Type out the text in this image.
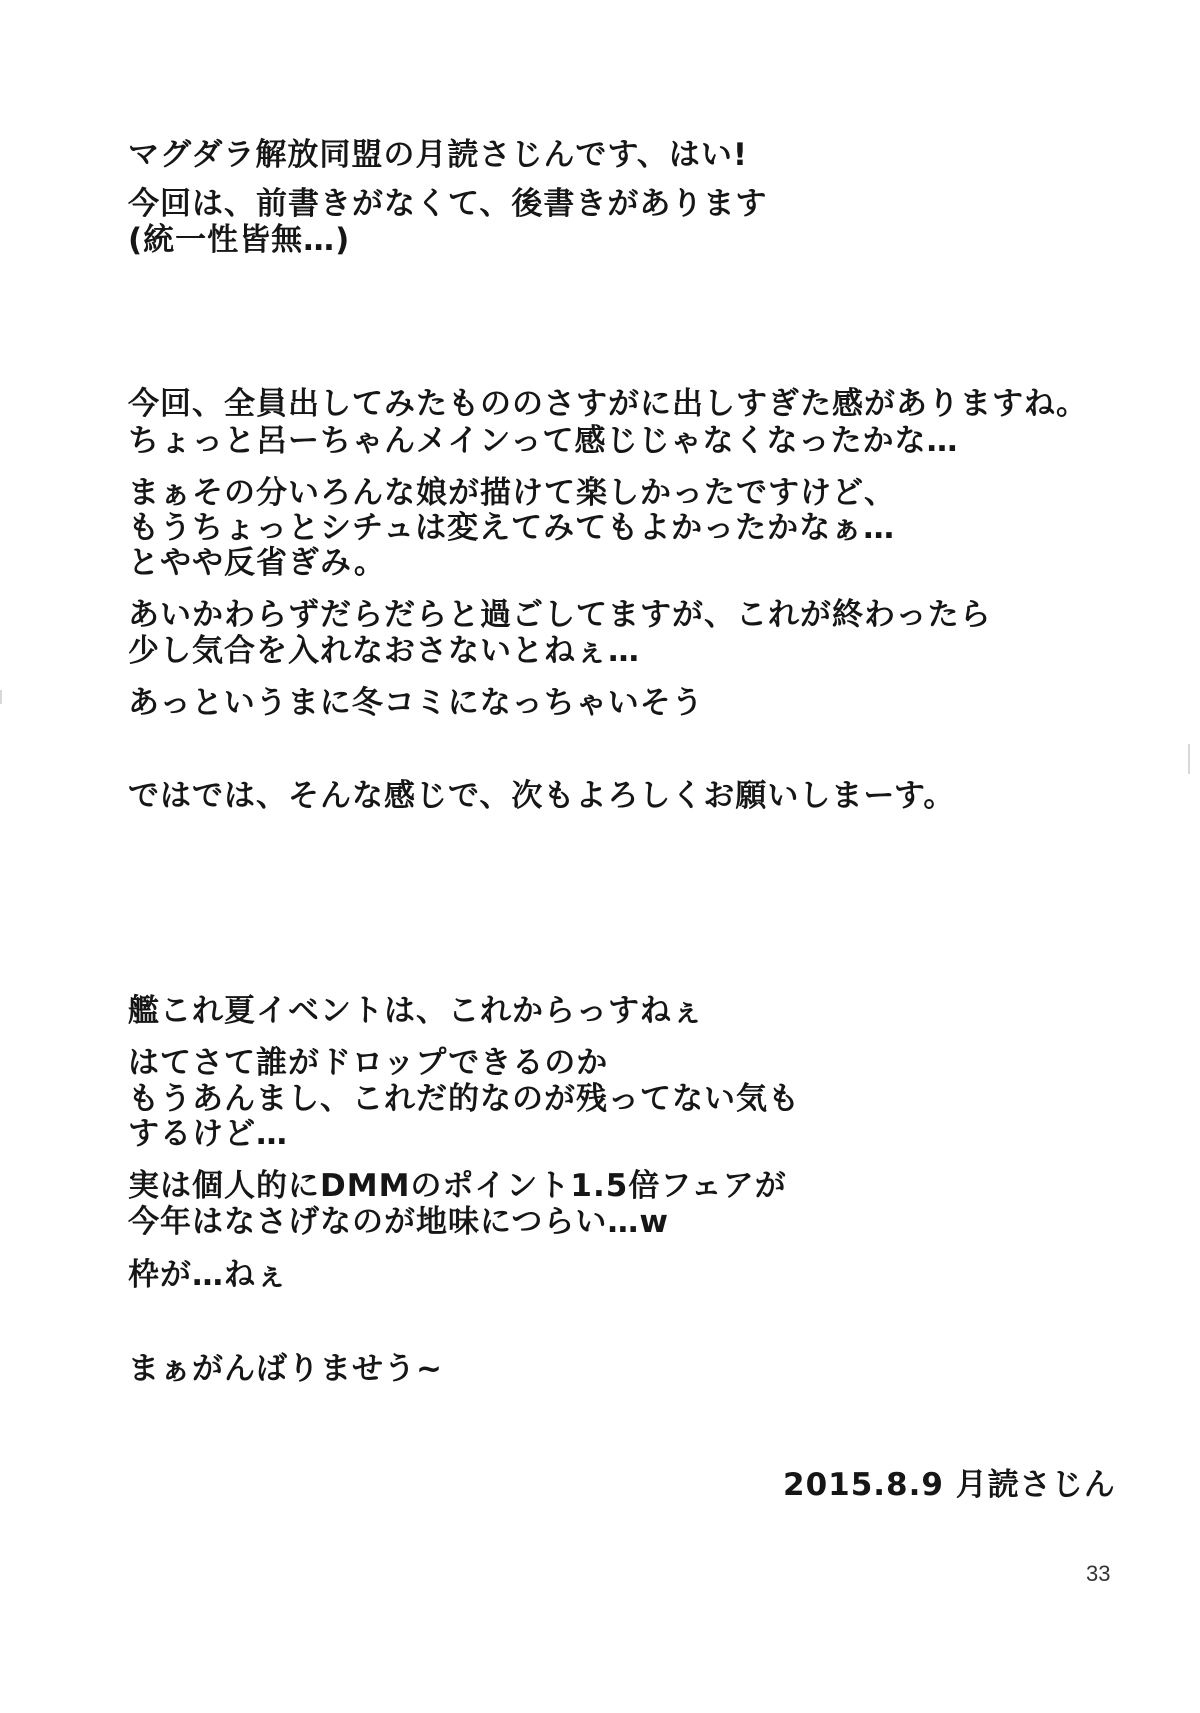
マグダラ解放同盟の月読さじんです、はい!
今回は、前書きがなくて、後書きがあります
(統一性皆無…)
今回、全員出してみたもののさすがに出しすぎた感がありますね。
ちょっと呂ーちゃんメインって感じじゃなくなったかな…
まぁその分いろんな娘が描けて楽しかったですけど、
もうちょっとシチュは変えてみてもよかったかなぁ…
とやや反省ぎみ。
あいかわらずだらだらと過ごしてますが、これが終わったら
少し気合を入れなおさないとねぇ…
あっというまに冬コミになっちゃいそう
ではでは、そんな感じで、次もよろしくお願いしまーす。
艦これ夏イベントは、これからっすねぇ
はてさて誰がドロップできるのか
もうあんまし、これだ的なのが残ってない気も
するけど…
実は個人的にDMMのポイント1.5倍フェアが
今年はなさげなのが地味につらい…w
枠が…ねぇ
まぁがんばりませう~
2015.8.9 月読さじん
33
